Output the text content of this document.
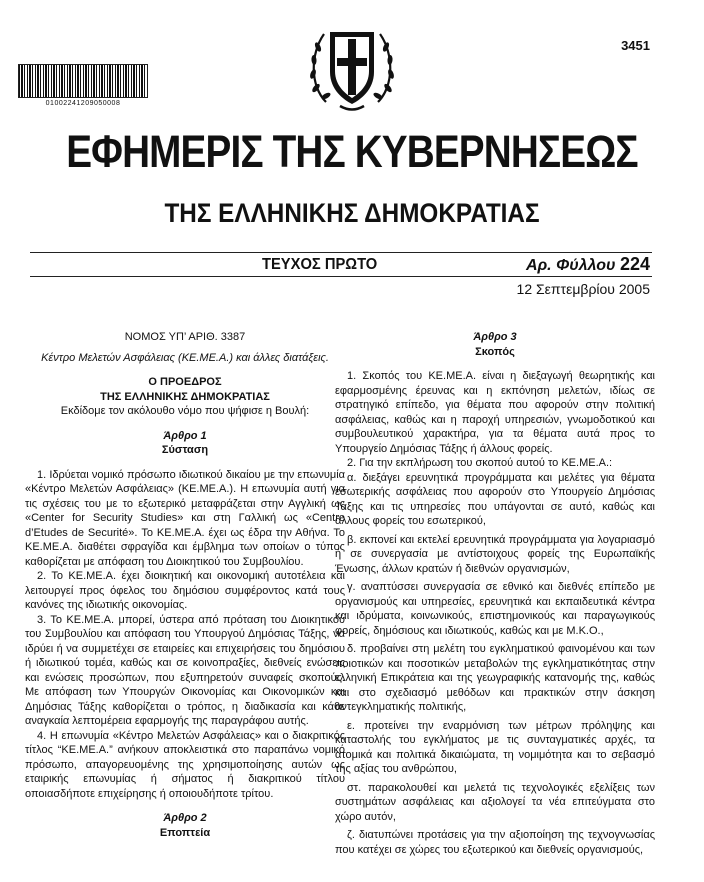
3451
01002241209050008
ΕΦΗΜΕΡΙΣ ΤΗΣ ΚΥΒΕΡΝΗΣΕΩΣ
ΤΗΣ ΕΛΛΗΝΙΚΗΣ ΔΗΜΟΚΡΑΤΙΑΣ
ΤΕΥΧΟΣ ΠΡΩΤΟ	Αρ. Φύλλου 224
12 Σεπτεμβρίου 2005

ΝΟΜΟΣ ΥΠ’ ΑΡΙΘ. 3387

Κέντρο Μελετών Ασφάλειας (ΚΕ.ΜΕ.Α.) και άλλες διατάξεις.

Ο ΠΡΟΕΔΡΟΣ

ΤΗΣ ΕΛΛΗΝΙΚΗΣ ΔΗΜΟΚΡΑΤΙΑΣ

Εκδίδομε τον ακόλουθο νόμο που ψήφισε η Βουλή:

Άρθρο 1

Σύσταση

1. Ιδρύεται νομικό πρόσωπο ιδιωτικού δικαίου με την επωνυμία «Κέντρο Μελετών Ασφάλειας» (ΚΕ.ΜΕ.Α.). Η επωνυμία αυτή για τις σχέσεις του με το εξωτερικό μεταφράζεται στην Αγγλική ως «Center for Security Studies» και στη Γαλλική ως «Centre d’Etudes de Securité». Το ΚΕ.ΜΕ.Α. έχει ως έδρα την Αθήνα. Το ΚΕ.ΜΕ.Α. διαθέτει σφραγίδα και έμβλημα των οποίων ο τύπος καθορίζεται με απόφαση του Διοικητικού του Συμβουλίου.

2. Το ΚΕ.ΜΕ.Α. έχει διοικητική και οικονομική αυτοτέλεια και λειτουργεί προς όφελος του δημόσιου συμφέροντος κατά τους κανόνες της ιδιωτικής οικονομίας.

3. Το ΚΕ.ΜΕ.Α. μπορεί, ύστερα από πρόταση του Διοικητικού του Συμβουλίου και απόφαση του Υπουργού Δημόσιας Τάξης, να ιδρύει ή να συμμετέχει σε εταιρείες και επιχειρήσεις του δημόσιου ή ιδιωτικού τομέα, καθώς και σε κοινοπραξίες, διεθνείς ενώσεις και ενώσεις προσώπων, που εξυπηρετούν συναφείς σκοπούς. Με απόφαση των Υπουργών Οικονομίας και Οικονομικών και Δημόσιας Τάξης καθορίζεται ο τρόπος, η διαδικασία και κάθε αναγκαία λεπτομέρεια εφαρμογής της παραγράφου αυτής.

4. Η επωνυμία «Κέντρο Μελετών Ασφάλειας» και ο διακριτικός τίτλος “ΚΕ.ΜΕ.Α.” ανήκουν αποκλειστικά στο παραπάνω νομικό πρόσωπο, απαγορευομένης της χρησιμοποίησης αυτών ως εταιρικής επωνυμίας ή σήματος ή διακριτικού τίτλου οποιασδήποτε επιχείρησης ή οποιουδήποτε τρίτου.

Άρθρο 2

Εποπτεία

Άρθρο 3

Σκοπός

1. Σκοπός του ΚΕ.ΜΕ.Α. είναι η διεξαγωγή θεωρητικής και εφαρμοσμένης έρευνας και η εκπόνηση μελετών, ιδίως σε στρατηγικό επίπεδο, για θέματα που αφορούν στην πολιτική ασφάλειας, καθώς και η παροχή υπηρεσιών, γνωμοδοτικού και συμβουλευτικού χαρακτήρα, για τα θέματα αυτά προς το Υπουργείο Δημόσιας Τάξης ή άλλους φορείς.

2. Για την εκπλήρωση του σκοπού αυτού το ΚΕ.ΜΕ.Α.:

α. διεξάγει ερευνητικά προγράμματα και μελέτες για θέματα εσωτερικής ασφάλειας που αφορούν στο Υπουργείο Δημόσιας Τάξης και τις υπηρεσίες που υπάγονται σε αυτό, καθώς και άλλους φορείς του εσωτερικού,

β. εκπονεί και εκτελεί ερευνητικά προγράμματα για λογαριασμό ή σε συνεργασία με αντίστοιχους φορείς της Ευρωπαϊκής Ένωσης, άλλων κρατών ή διεθνών οργανισμών,

γ. αναπτύσσει συνεργασία σε εθνικό και διεθνές επίπεδο με οργανισμούς και υπηρεσίες, ερευνητικά και εκπαιδευτικά κέντρα και ιδρύματα, κοινωνικούς, επιστημονικούς και παραγωγικούς φορείς, δημόσιους και ιδιωτικούς, καθώς και με Μ.Κ.Ο.,

δ. προβαίνει στη μελέτη του εγκληματικού φαινομένου και των ποιοτικών και ποσοτικών μεταβολών της εγκληματικότητας στην ελληνική Επικράτεια και της γεωγραφικής κατανομής της, καθώς και στο σχεδιασμό μεθόδων και πρακτικών στην άσκηση αντεγκληματικής πολιτικής,

ε. προτείνει την εναρμόνιση των μέτρων πρόληψης και καταστολής του εγκλήματος με τις συνταγματικές αρχές, τα ατομικά και πολιτικά δικαιώματα, τη νομιμότητα και το σεβασμό της αξίας του ανθρώπου,

στ. παρακολουθεί και μελετά τις τεχνολογικές εξελίξεις των συστημάτων ασφάλειας και αξιολογεί τα νέα επιτεύγματα στο χώρο αυτόν,

ζ. διατυπώνει προτάσεις για την αξιοποίηση της τεχνογνωσίας που κατέχει σε χώρες του εξωτερικού και διεθνείς οργανισμούς,
